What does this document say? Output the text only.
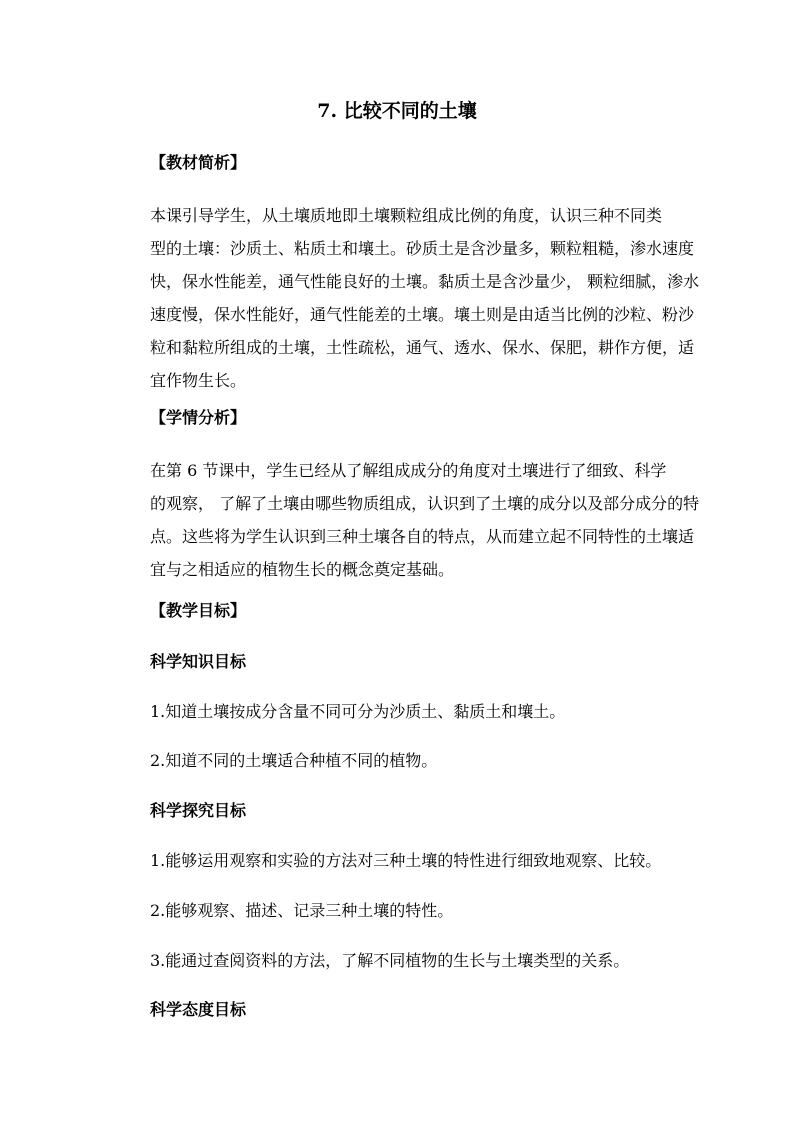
7. 比较不同的土壤
【教材简析】
本课引导学生，从土壤质地即土壤颗粒组成比例的角度，认识三种不同类
型的土壤：沙质土、粘质土和壤土。砂质土是含沙量多，颗粒粗糙，渗水速度
快，保水性能差，通气性能良好的土壤。黏质土是含沙量少， 颗粒细腻，渗水
速度慢，保水性能好，通气性能差的土壤。壤土则是由适当比例的沙粒、粉沙
粒和黏粒所组成的土壤，土性疏松，通气、透水、保水、保肥，耕作方便，适
宜作物生长。
【学情分析】
在第 6 节课中，学生已经从了解组成成分的角度对土壤进行了细致、科学
的观察， 了解了土壤由哪些物质组成，认识到了土壤的成分以及部分成分的特
点。这些将为学生认识到三种土壤各自的特点，从而建立起不同特性的土壤适
宜与之相适应的植物生长的概念奠定基础。
【教学目标】
科学知识目标

1.知道土壤按成分含量不同可分为沙质土、黏质土和壤土。

2.知道不同的土壤适合种植不同的植物。

科学探究目标

1.能够运用观察和实验的方法对三种土壤的特性进行细致地观察、比较。

2.能够观察、描述、记录三种土壤的特性。

3.能通过查阅资料的方法，了解不同植物的生长与土壤类型的关系。

科学态度目标
